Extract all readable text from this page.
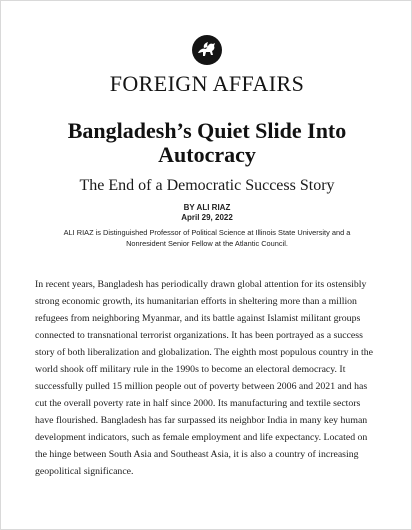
FOREIGN AFFAIRS
Bangladesh’s Quiet Slide Into Autocracy
The End of a Democratic Success Story
BY ALI RIAZ
April 29, 2022
ALI RIAZ is Distinguished Professor of Political Science at Illinois State University and a Nonresident Senior Fellow at the Atlantic Council.

In recent years, Bangladesh has periodically drawn global attention for its ostensibly strong economic growth, its humanitarian efforts in sheltering more than a million refugees from neighboring Myanmar, and its battle against Islamist militant groups connected to transnational terrorist organizations. It has been portrayed as a success story of both liberalization and globalization. The eighth most populous country in the world shook off military rule in the 1990s to become an electoral democracy. It successfully pulled 15 million people out of poverty between 2006 and 2021 and has cut the overall poverty rate in half since 2000. Its manufacturing and textile sectors have flourished. Bangladesh has far surpassed its neighbor India in many key human development indicators, such as female employment and life expectancy. Located on the hinge between South Asia and Southeast Asia, it is also a country of increasing geopolitical significance.
